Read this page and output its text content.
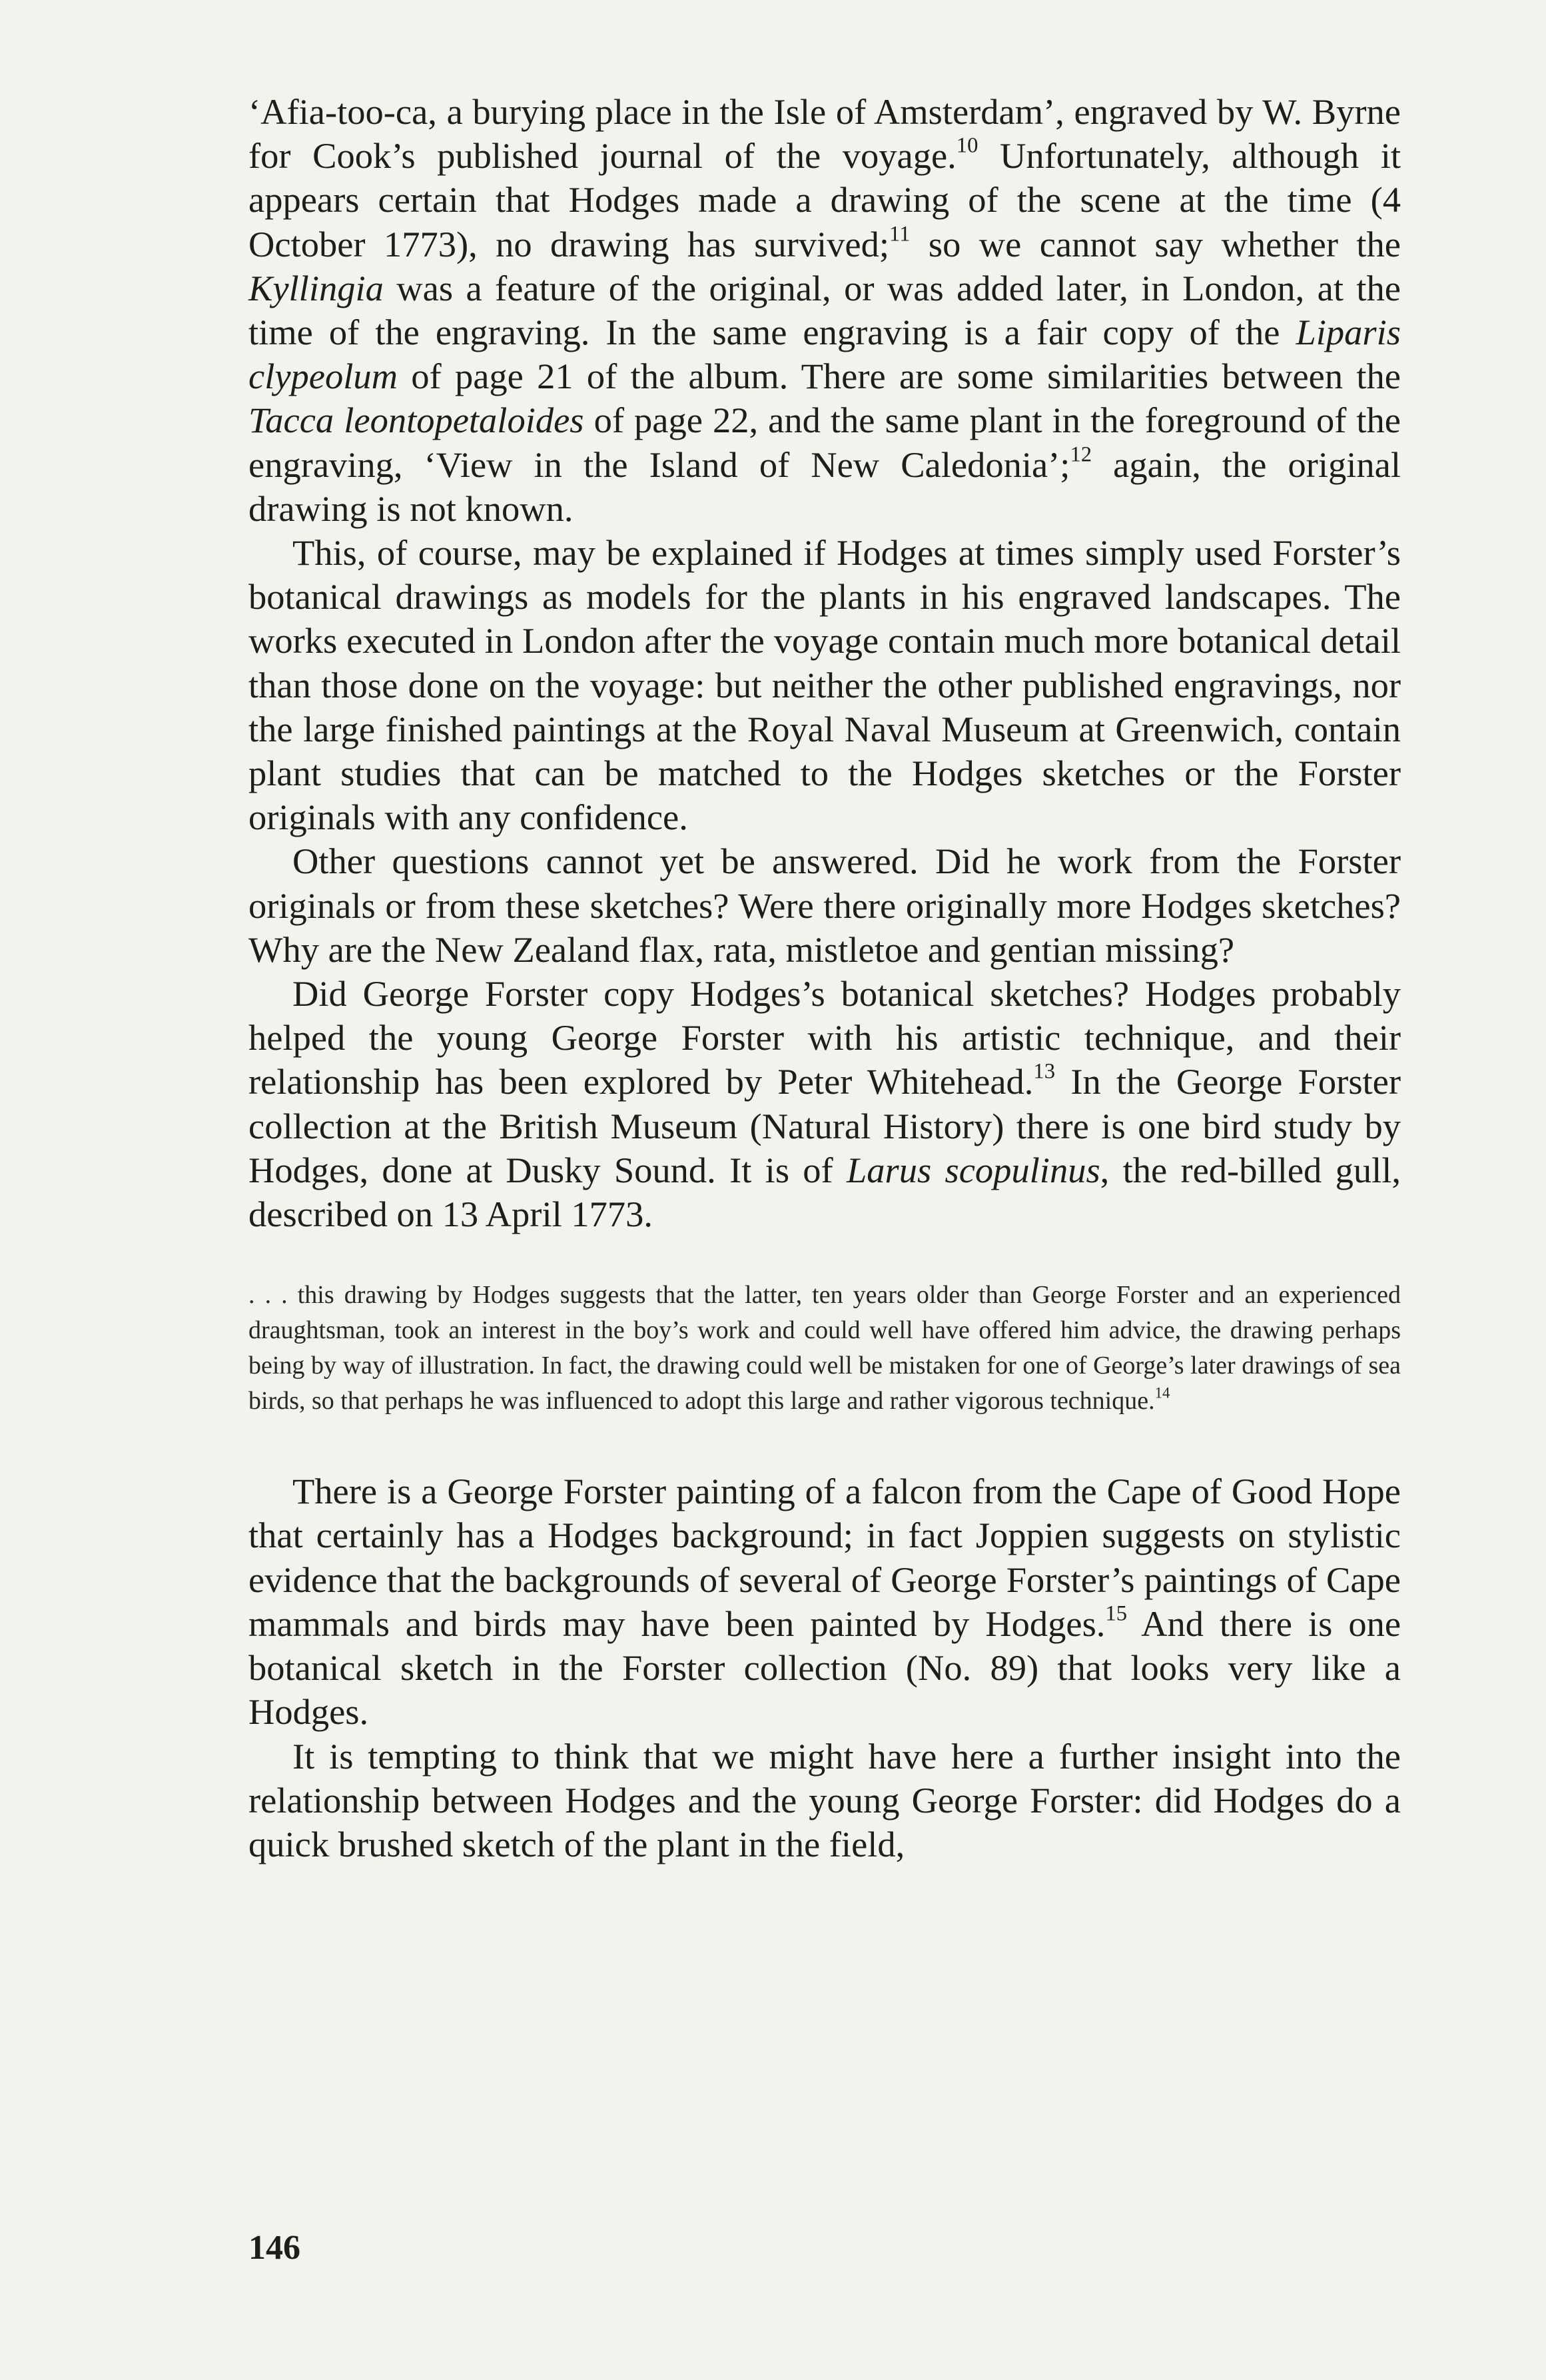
‘Afia-too-ca, a burying place in the Isle of Amsterdam’, engraved by W. Byrne for Cook’s published journal of the voyage.$^{10}$ Unfortunately, although it appears certain that Hodges made a drawing of the scene at the time (4 October 1773), no drawing has survived;$^{11}$ so we cannot say whether the Kyllingia was a feature of the original, or was added later, in London, at the time of the engraving. In the same engraving is a fair copy of the Liparis clypeolum of page 21 of the album. There are some similarities between the Tacca leontopetaloides of page 22, and the same plant in the foreground of the engraving, ‘View in the Island of New Caledonia’;$^{12}$ again, the original drawing is not known.

This, of course, may be explained if Hodges at times simply used Forster’s botanical drawings as models for the plants in his engraved landscapes. The works executed in London after the voyage contain much more botanical detail than those done on the voyage: but neither the other published engravings, nor the large finished paintings at the Royal Naval Museum at Greenwich, contain plant studies that can be matched to the Hodges sketches or the Forster originals with any confidence.

Other questions cannot yet be answered. Did he work from the Forster originals or from these sketches? Were there originally more Hodges sketches? Why are the New Zealand flax, rata, mistletoe and gentian missing?

Did George Forster copy Hodges’s botanical sketches? Hodges probably helped the young George Forster with his artistic technique, and their relationship has been explored by Peter Whitehead.$^{13}$ In the George Forster collection at the British Museum (Natural History) there is one bird study by Hodges, done at Dusky Sound. It is of Larus scopulinus, the red-billed gull, described on 13 April 1773.

. . . this drawing by Hodges suggests that the latter, ten years older than George Forster and an experienced draughtsman, took an interest in the boy’s work and could well have offered him advice, the drawing perhaps being by way of illustration. In fact, the drawing could well be mistaken for one of George’s later drawings of sea birds, so that perhaps he was influenced to adopt this large and rather vigorous technique.$^{14}$

There is a George Forster painting of a falcon from the Cape of Good Hope that certainly has a Hodges background; in fact Joppien suggests on stylistic evidence that the backgrounds of several of George Forster’s paintings of Cape mammals and birds may have been painted by Hodges.$^{15}$ And there is one botanical sketch in the Forster collection (No. 89) that looks very like a Hodges.

It is tempting to think that we might have here a further insight into the relationship between Hodges and the young George Forster: did Hodges do a quick brushed sketch of the plant in the field,

146
